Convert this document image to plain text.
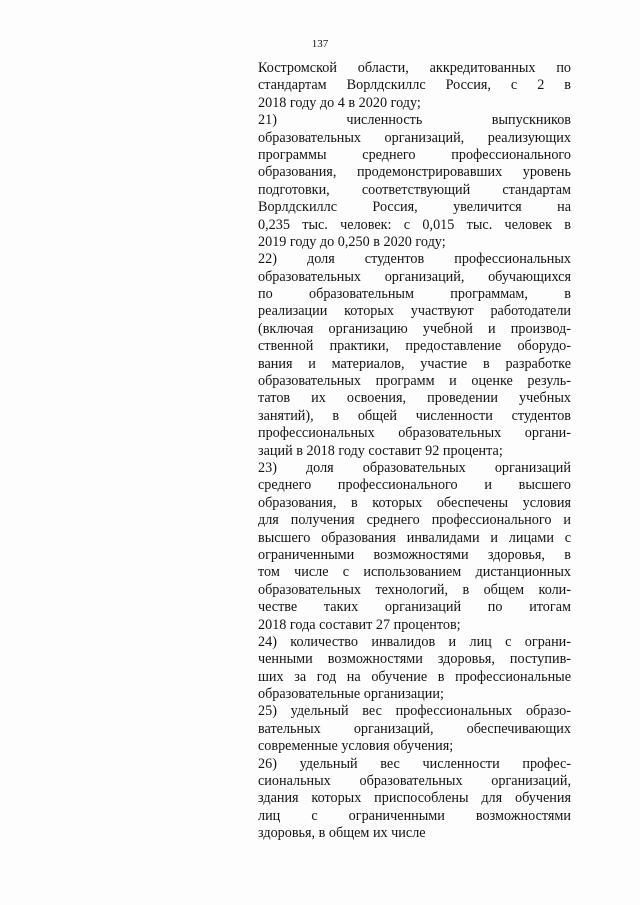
137
Костромской области, аккредитованных по
стандартам Ворлдскиллс Россия, с 2 в
2018 году до 4 в 2020 году;
21) численность выпускников
образовательных организаций, реализующих
программы среднего профессионального
образования, продемонстрировавших уровень
подготовки, соответствующий стандартам
Ворлдскиллс Россия, увеличится на
0,235 тыс. человек: с 0,015 тыс. человек в
2019 году до 0,250 в 2020 году;
22) доля студентов профессиональных
образовательных организаций, обучающихся
по образовательным программам, в
реализации которых участвуют работодатели
(включая организацию учебной и производ-
ственной практики, предоставление оборудо-
вания и материалов, участие в разработке
образовательных программ и оценке резуль-
татов их освоения, проведении учебных
занятий), в общей численности студентов
профессиональных образовательных органи-
заций в 2018 году составит 92 процента;
23) доля образовательных организаций
среднего профессионального и высшего
образования, в которых обеспечены условия
для получения среднего профессионального и
высшего образования инвалидами и лицами с
ограниченными возможностями здоровья, в
том числе с использованием дистанционных
образовательных технологий, в общем коли-
честве таких организаций по итогам
2018 года составит 27 процентов;
24) количество инвалидов и лиц с ограни-
ченными возможностями здоровья, поступив-
ших за год на обучение в профессиональные
образовательные организации;
25) удельный вес профессиональных образо-
вательных организаций, обеспечивающих
современные условия обучения;
26) удельный вес численности профес-
сиональных образовательных организаций,
здания которых приспособлены для обучения
лиц с ограниченными возможностями
здоровья, в общем их числе
